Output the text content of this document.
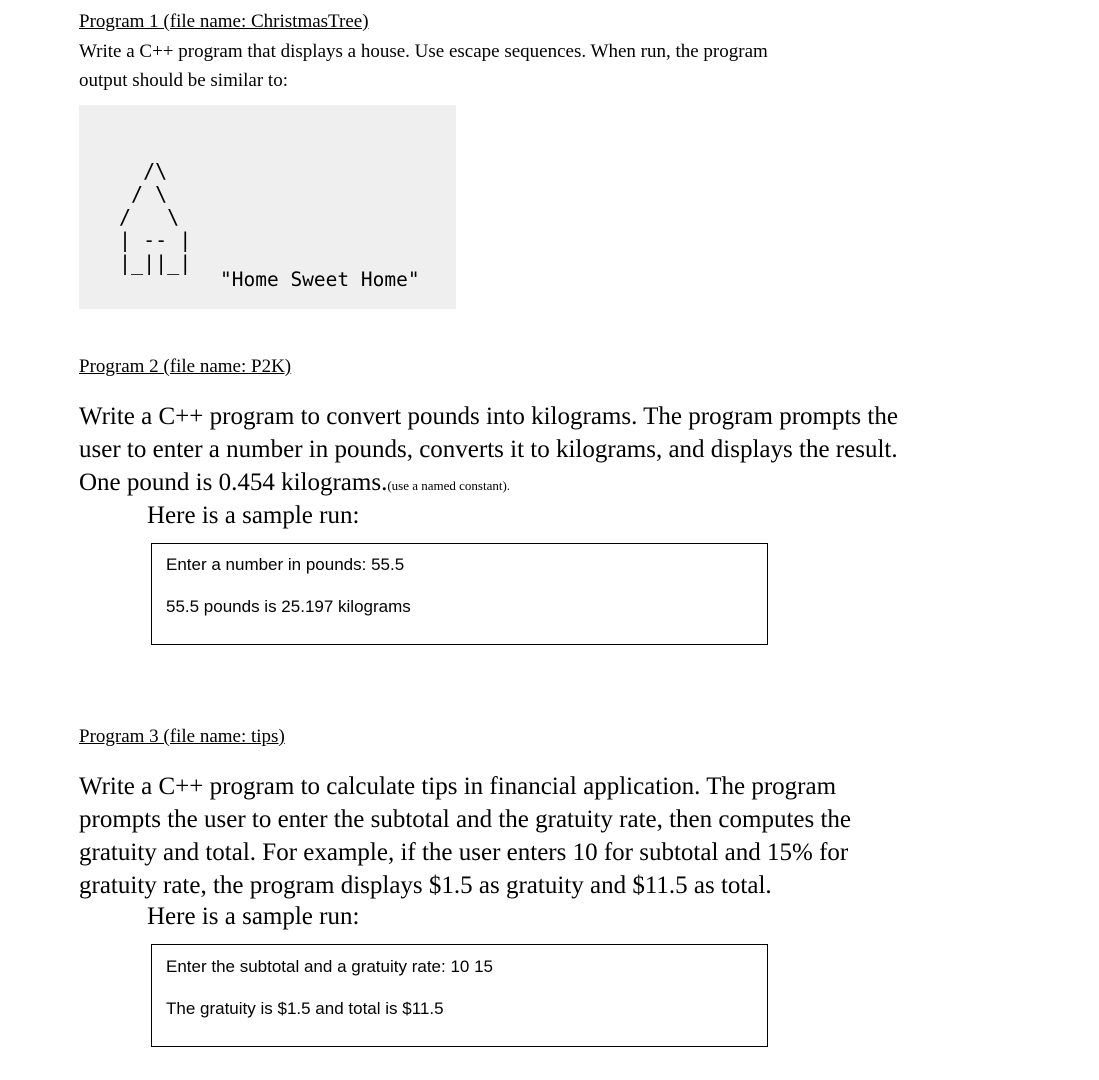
Program 1 (file name: ChristmasTree)
Write a C++ program that displays a house. Use escape sequences. When run, the program
output should be similar to:
/\
/ \
/   \
| -- |
|_||_|
"Home Sweet Home"
Program 2 (file name: P2K)
Write a C++ program to convert pounds into kilograms. The program prompts the
user to enter a number in pounds, converts it to kilograms, and displays the result.
One pound is 0.454 kilograms.(use a named constant).
Here is a sample run:
Enter a number in pounds: 55.5
55.5 pounds is 25.197 kilograms
Program 3 (file name: tips)
Write a C++ program to calculate tips in financial application. The program
prompts the user to enter the subtotal and the gratuity rate, then computes the
gratuity and total. For example, if the user enters 10 for subtotal and 15% for
gratuity rate, the program displays $1.5 as gratuity and $11.5 as total.
Here is a sample run:
Enter the subtotal and a gratuity rate: 10 15
The gratuity is $1.5 and total is $11.5
